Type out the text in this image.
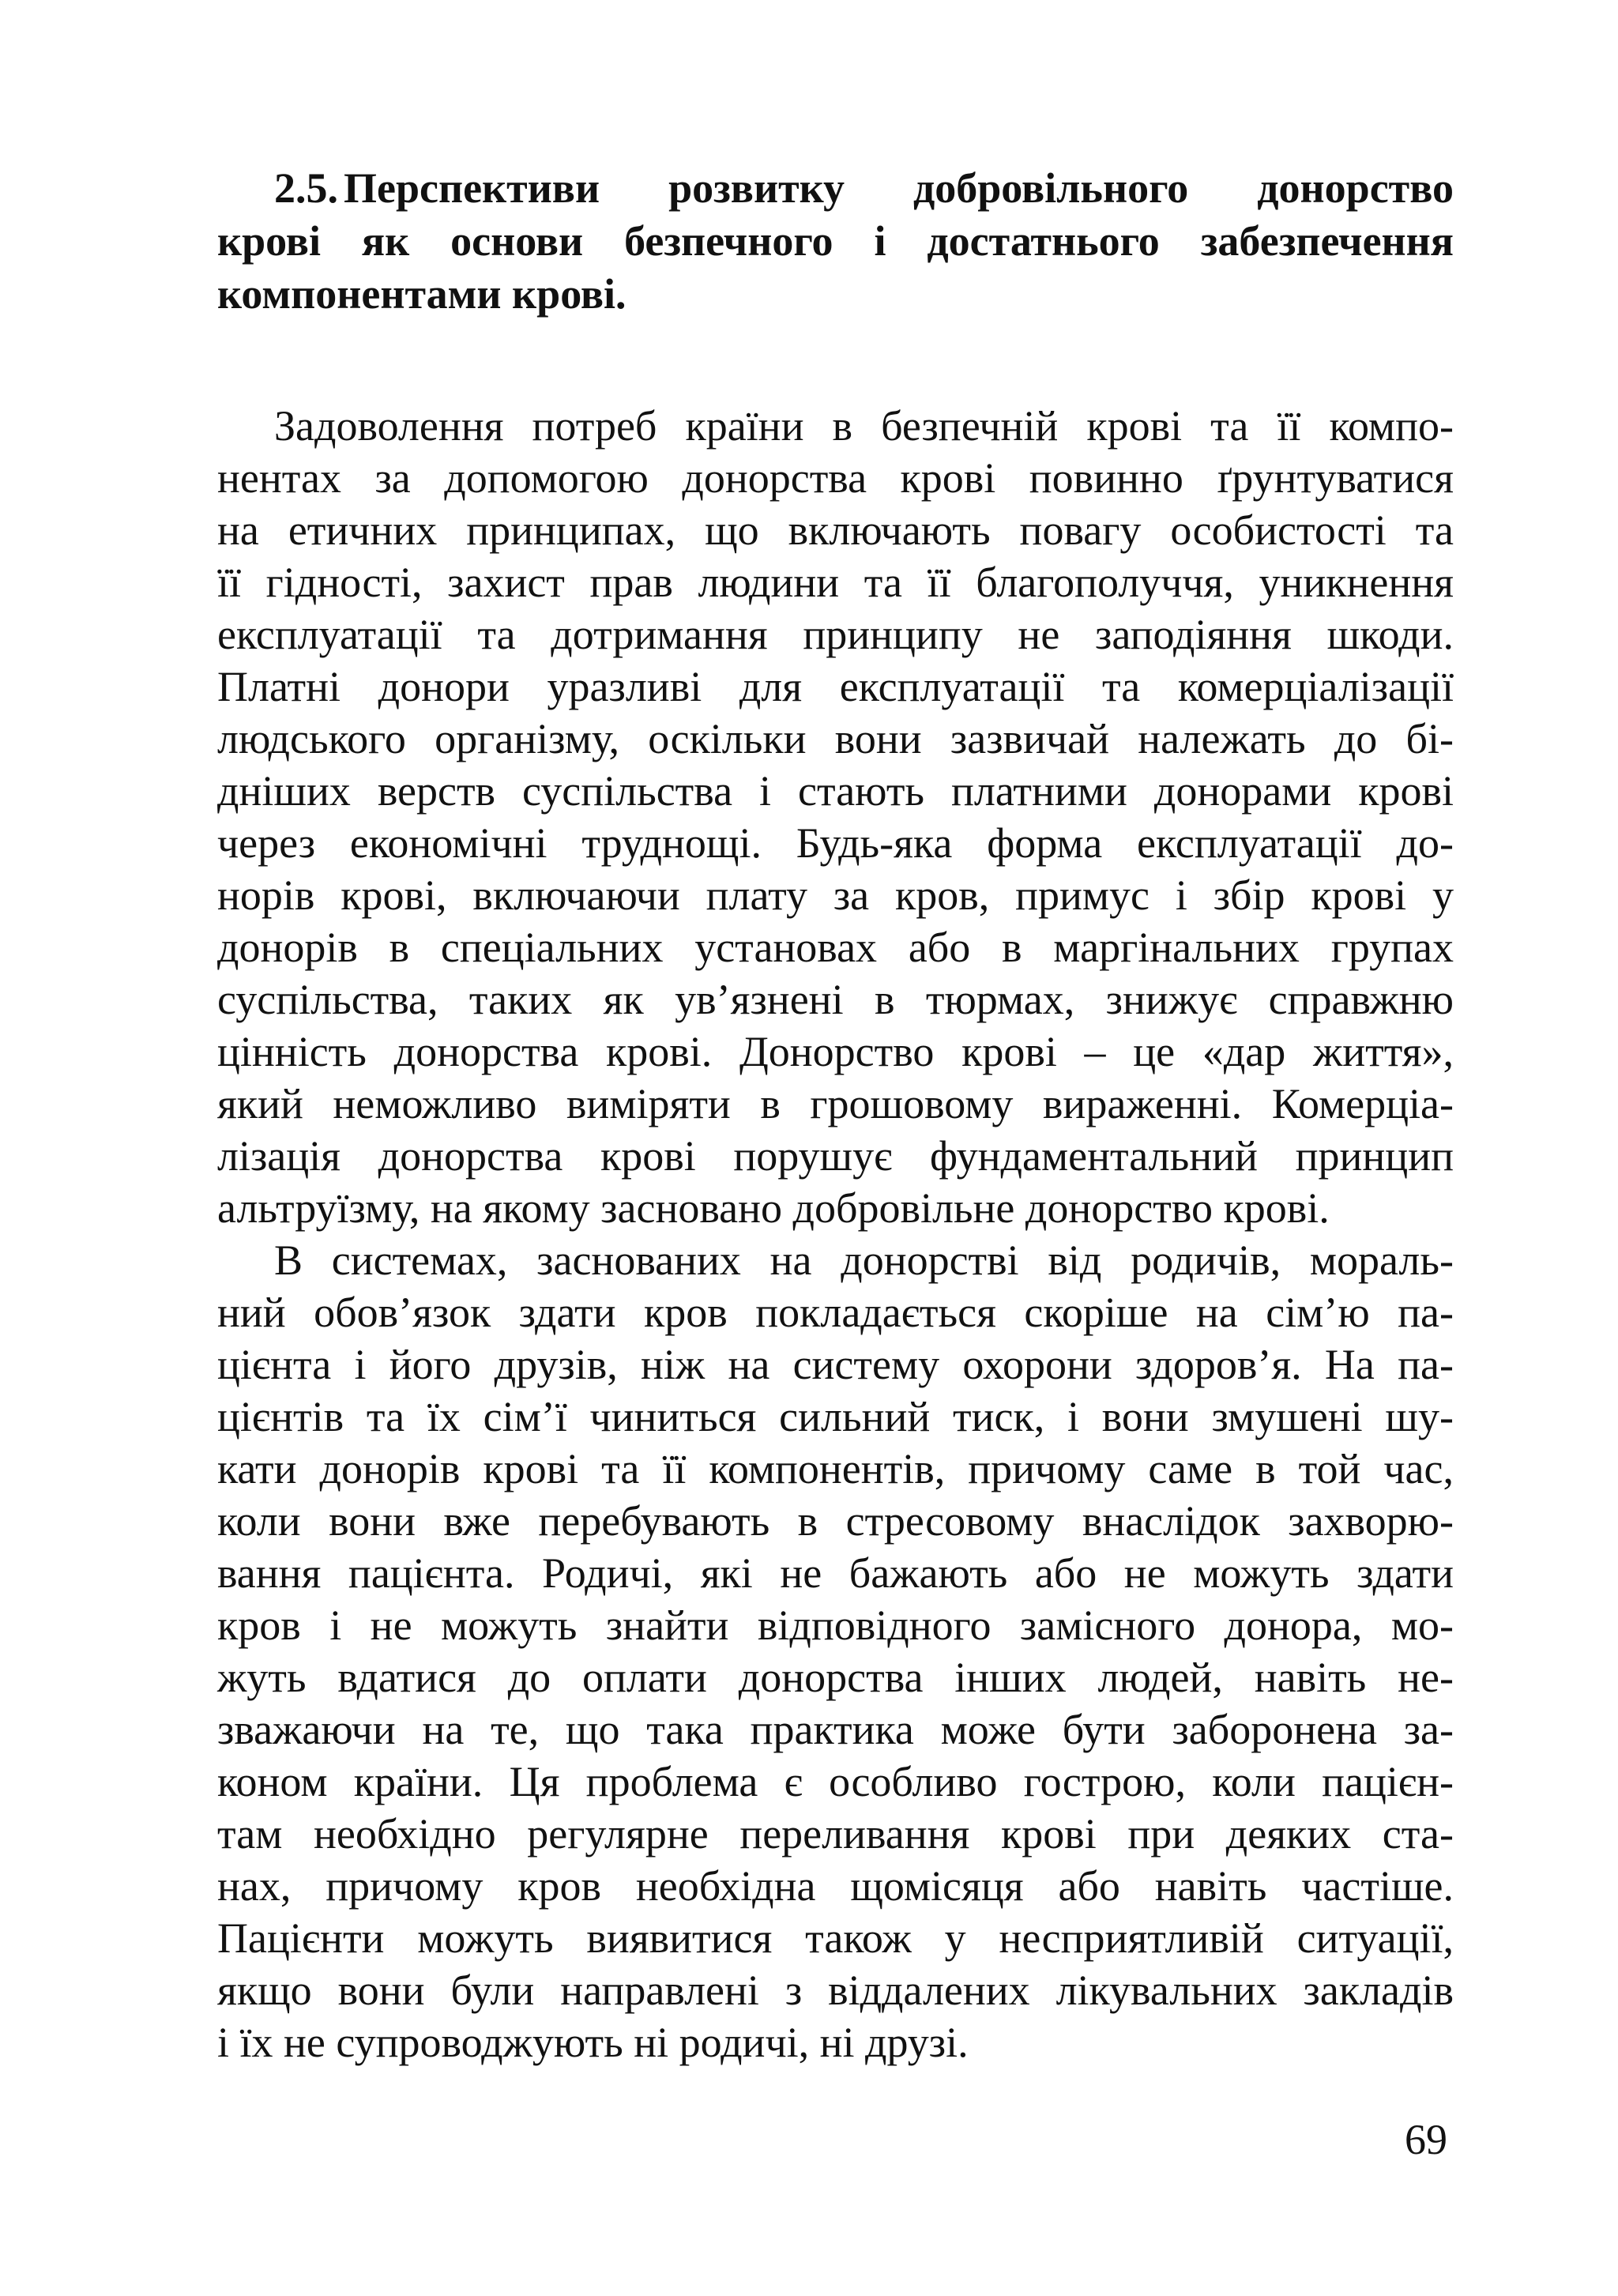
2.5. Перспективи розвитку добровільного донорство
крові як основи безпечного і достатнього забезпечення
компонентами крові.

Задоволення потреб країни в безпечній крові та її компо-
нентах за допомогою донорства крові повинно ґрунтуватися
на етичних принципах, що включають повагу особистості та
її гідності, захист прав людини та її благополуччя, уникнення
експлуатації та дотримання принципу не заподіяння шкоди.
Платні донори уразливі для експлуатації та комерціалізації
людського організму, оскільки вони зазвичай належать до бі-
дніших верств суспільства і стають платними донорами крові
через економічні труднощі. Будь-яка форма експлуатації до-
норів крові, включаючи плату за кров, примус і збір крові у
донорів в спеціальних установах або в маргінальних групах
суспільства, таких як ув’язнені в тюрмах, знижує справжню
цінність донорства крові. Донорство крові – це «дар життя»,
який неможливо виміряти в грошовому вираженні. Комерціа-
лізація донорства крові порушує фундаментальний принцип
альтруїзму, на якому засновано добровільне донорство крові.

В системах, заснованих на донорстві від родичів, мораль-
ний обов’язок здати кров покладається скоріше на сім’ю па-
цієнта і його друзів, ніж на систему охорони здоров’я. На па-
цієнтів та їх сім’ї чиниться сильний тиск, і вони змушені шу-
кати донорів крові та її компонентів, причому саме в той час,
коли вони вже перебувають в стресовому внаслідок захворю-
вання пацієнта. Родичі, які не бажають або не можуть здати
кров і не можуть знайти відповідного замісного донора, мо-
жуть вдатися до оплати донорства інших людей, навіть не-
зважаючи на те, що така практика може бути заборонена за-
коном країни. Ця проблема є особливо гострою, коли пацієн-
там необхідно регулярне переливання крові при деяких ста-
нах, причому кров необхідна щомісяця або навіть частіше.
Пацієнти можуть виявитися також у несприятливій ситуації,
якщо вони були направлені з віддалених лікувальних закладів
і їх не супроводжують ні родичі, ні друзі.

69
